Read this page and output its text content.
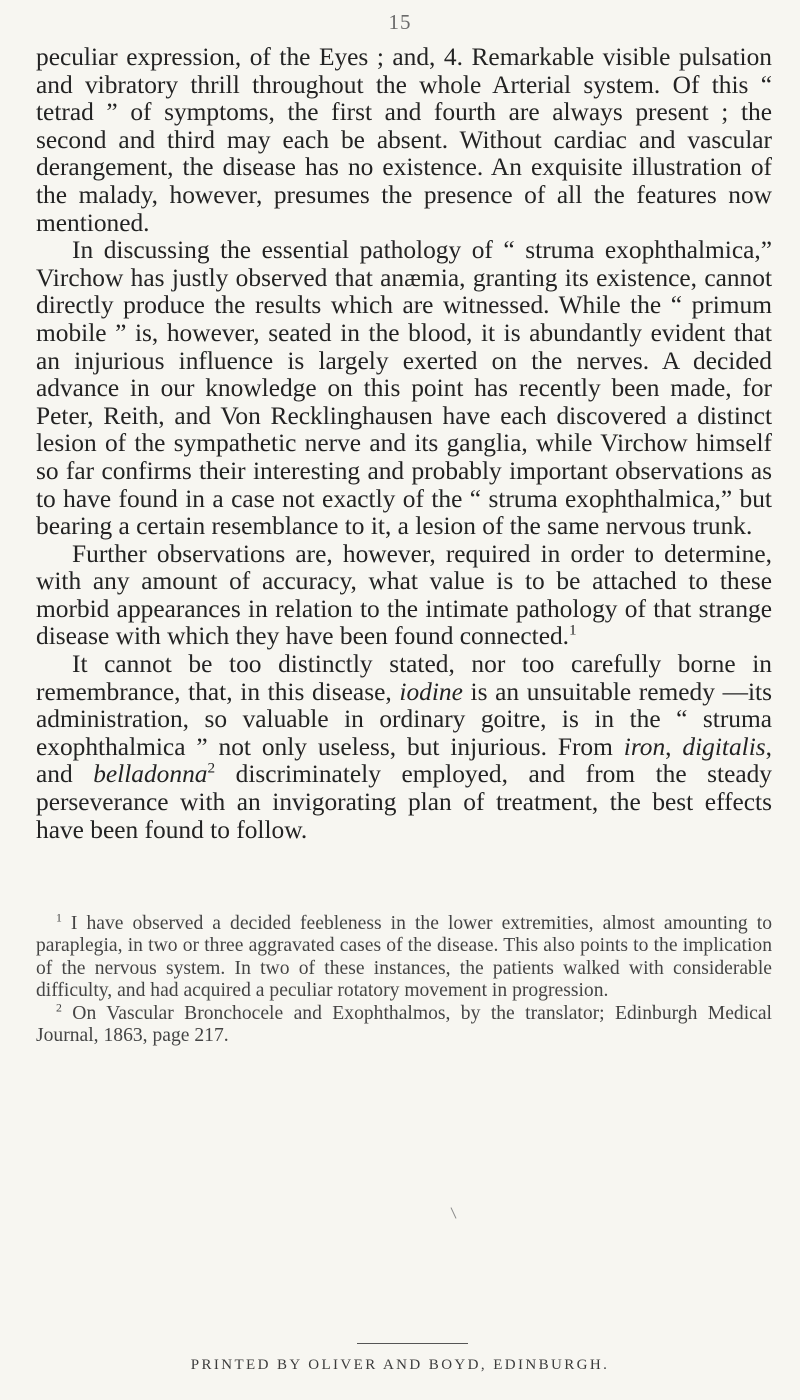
15

peculiar expression, of the Eyes ; and, 4. Remarkable visible pulsation and vibratory thrill throughout the whole Arterial system. Of this “ tetrad ” of symptoms, the first and fourth are always present ; the second and third may each be absent. Without cardiac and vascular derangement, the disease has no existence. An exquisite illustration of the malady, however, presumes the presence of all the features now mentioned.

In discussing the essential pathology of “ struma exophthalmica,” Virchow has justly observed that anæmia, granting its existence, cannot directly produce the results which are witnessed. While the “ primum mobile ” is, however, seated in the blood, it is abundantly evident that an injurious influence is largely exerted on the nerves. A decided advance in our knowledge on this point has recently been made, for Peter, Reith, and Von Recklinghausen have each discovered a distinct lesion of the sympathetic nerve and its ganglia, while Virchow himself so far confirms their interesting and probably important observations as to have found in a case not exactly of the “ struma exophthalmica,” but bearing a certain resemblance to it, a lesion of the same nervous trunk.

Further observations are, however, required in order to determine, with any amount of accuracy, what value is to be attached to these morbid appearances in relation to the intimate pathology of that strange disease with which they have been found connected.$^1$

It cannot be too distinctly stated, nor too carefully borne in remembrance, that, in this disease, iodine is an unsuitable remedy —its administration, so valuable in ordinary goitre, is in the “ struma exophthalmica ” not only useless, but injurious. From iron, digitalis, and belladonna$^2$ discriminately employed, and from the steady perseverance with an invigorating plan of treatment, the best effects have been found to follow.

$^1$ I have observed a decided feebleness in the lower extremities, almost amounting to paraplegia, in two or three aggravated cases of the disease. This also points to the implication of the nervous system. In two of these instances, the patients walked with considerable difficulty, and had acquired a peculiar rotatory movement in progression.

$^2$ On Vascular Bronchocele and Exophthalmos, by the translator; Edinburgh Medical Journal, 1863, page 217.

PRINTED BY OLIVER AND BOYD, EDINBURGH.
